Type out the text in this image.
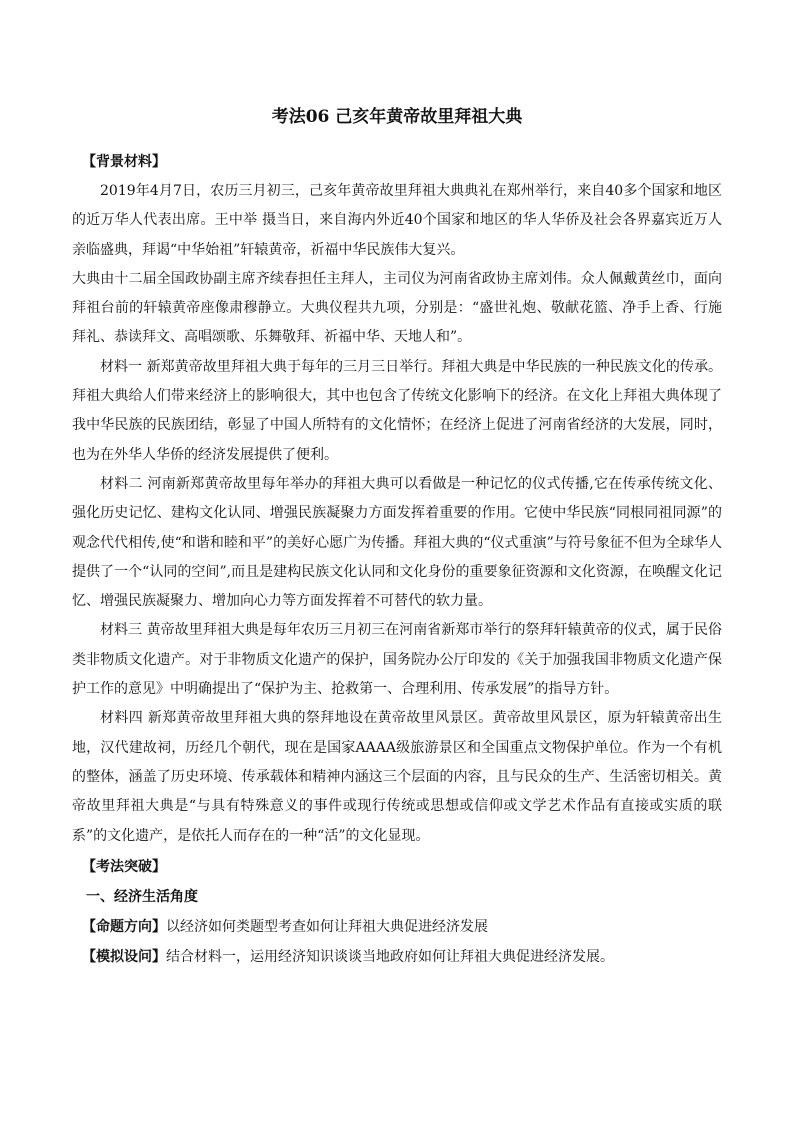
考法06 己亥年黄帝故里拜祖大典

【背景材料】

2019年4月7日，农历三月初三，己亥年黄帝故里拜祖大典典礼在郑州举行，来自40多个国家和地区的近万华人代表出席。王中举 摄当日，来自海内外近40个国家和地区的华人华侨及社会各界嘉宾近万人亲临盛典，拜谒“中华始祖”轩辕黄帝，祈福中华民族伟大复兴。

大典由十二届全国政协副主席齐续春担任主拜人，主司仪为河南省政协主席刘伟。众人佩戴黄丝巾，面向拜祖台前的轩辕黄帝座像肃穆静立。大典仪程共九项，分别是：“盛世礼炮、敬献花篮、净手上香、行施拜礼、恭读拜文、高唱颂歌、乐舞敬拜、祈福中华、天地人和”。

材料一 新郑黄帝故里拜祖大典于每年的三月三日举行。拜祖大典是中华民族的一种民族文化的传承。拜祖大典给人们带来经济上的影响很大，其中也包含了传统文化影响下的经济。在文化上拜祖大典体现了我中华民族的民族团结，彰显了中国人所特有的文化情怀；在经济上促进了河南省经济的大发展，同时，也为在外华人华侨的经济发展提供了便利。

材料二 河南新郑黄帝故里每年举办的拜祖大典可以看做是一种记忆的仪式传播,它在传承传统文化、强化历史记忆、建构文化认同、增强民族凝聚力方面发挥着重要的作用。它使中华民族“同根同祖同源”的观念代代相传,使“和谐和睦和平”的美好心愿广为传播。拜祖大典的“仪式重演”与符号象征不但为全球华人提供了一个“认同的空间”,而且是建构民族文化认同和文化身份的重要象征资源和文化资源，在唤醒文化记忆、增强民族凝聚力、增加向心力等方面发挥着不可替代的软力量。

材料三 黄帝故里拜祖大典是每年农历三月初三在河南省新郑市举行的祭拜轩辕黄帝的仪式，属于民俗类非物质文化遗产。对于非物质文化遗产的保护，国务院办公厅印发的《关于加强我国非物质文化遗产保护工作的意见》中明确提出了“保护为主、抢救第一、合理利用、传承发展”的指导方针。

材料四 新郑黄帝故里拜祖大典的祭拜地设在黄帝故里风景区。黄帝故里风景区，原为轩辕黄帝出生地，汉代建故祠，历经几个朝代，现在是国家AAAA级旅游景区和全国重点文物保护单位。作为一个有机的整体，涵盖了历史环境、传承载体和精神内涵这三个层面的内容，且与民众的生产、生活密切相关。黄帝故里拜祖大典是“与具有特殊意义的事件或现行传统或思想或信仰或文学艺术作品有直接或实质的联系”的文化遗产，是依托人而存在的一种“活”的文化显现。

【考法突破】

一、经济生活角度

【命题方向】以经济如何类题型考查如何让拜祖大典促进经济发展

【模拟设问】结合材料一，运用经济知识谈谈当地政府如何让拜祖大典促进经济发展。
